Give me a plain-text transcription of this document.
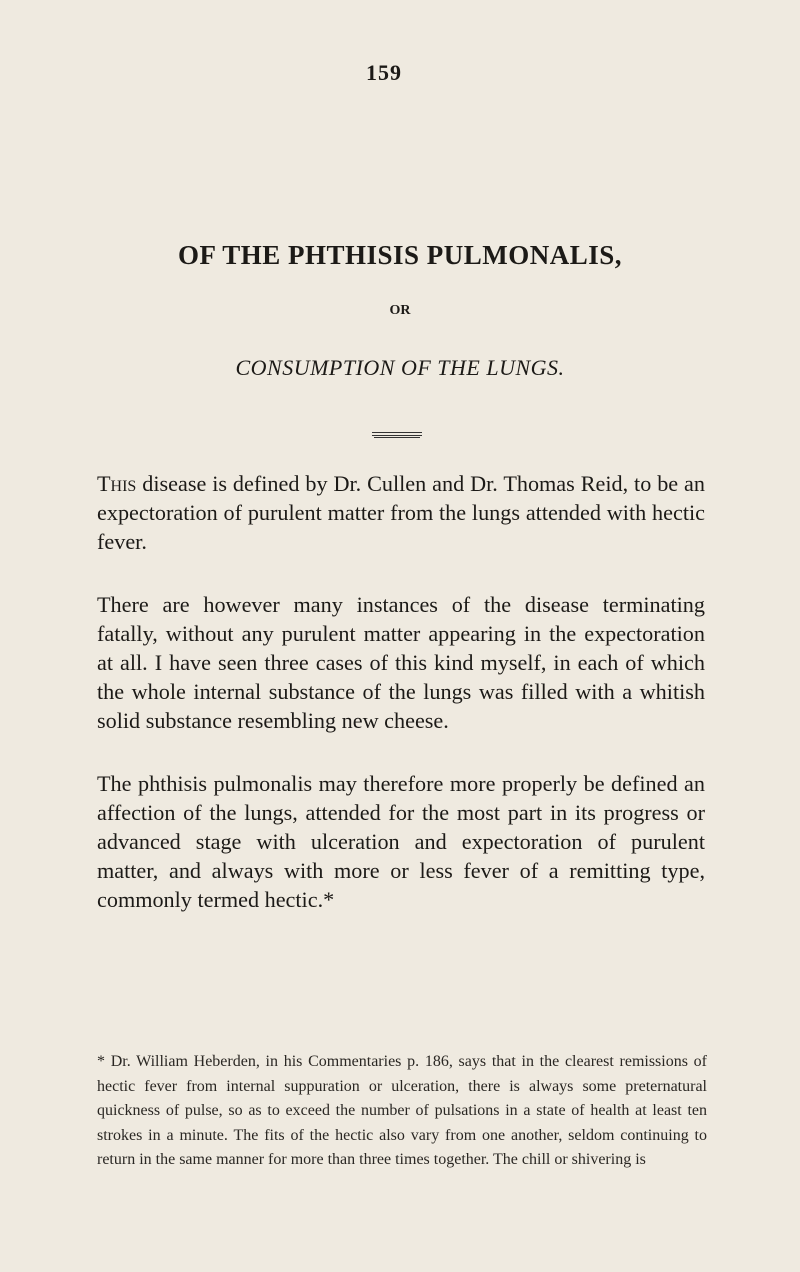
159
OF THE PHTHISIS PULMONALIS,
OR
CONSUMPTION OF THE LUNGS.

This disease is defined by Dr. Cullen and Dr. Thomas Reid, to be an expectoration of purulent matter from the lungs attended with hectic fever.

There are however many instances of the disease terminating fatally, without any purulent matter appearing in the expectoration at all. I have seen three cases of this kind myself, in each of which the whole internal substance of the lungs was filled with a whitish solid substance resembling new cheese.

The phthisis pulmonalis may therefore more properly be defined an affection of the lungs, attended for the most part in its progress or advanced stage with ulceration and expectoration of purulent matter, and always with more or less fever of a remitting type, commonly termed hectic.*

* Dr. William Heberden, in his Commentaries p. 186, says that in the clearest remissions of hectic fever from internal suppuration or ulceration, there is always some preternatural quickness of pulse, so as to exceed the number of pulsations in a state of health at least ten strokes in a minute. The fits of the hectic also vary from one another, seldom continuing to return in the same manner for more than three times together. The chill or shivering is
